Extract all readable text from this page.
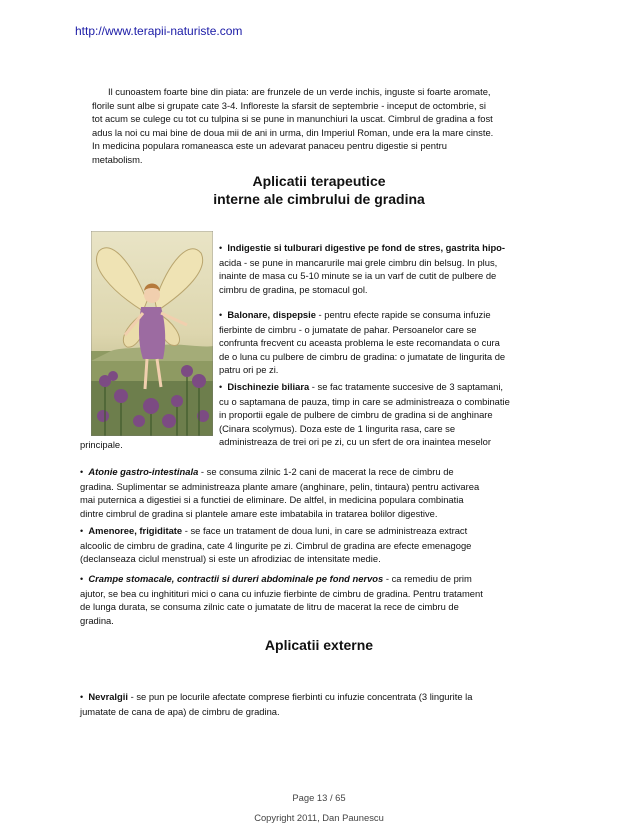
http://www.terapii-naturiste.com
Il cunoastem foarte bine din piata: are frunzele de un verde inchis, inguste si foarte aromate,
florile sunt albe si grupate cate 3-4. Infloreste la sfarsit de septembrie - inceput de octombrie, si
tot acum se culege cu tot cu tulpina si se pune in manunchiuri la uscat. Cimbrul de gradina a fost
adus la noi cu mai bine de doua mii de ani in urma, din Imperiul Roman, unde era la mare cinste.
In medicina populara romaneasca este un adevarat panaceu pentru digestie si pentru
metabolism.
Aplicatii terapeutice
interne ale cimbrului de gradina
• Indigestie si tulburari digestive pe fond de stres, gastrita hipo-
acida - se pune in mancarurile mai grele cimbru din belsug. In plus,
inainte de masa cu 5-10 minute se ia un varf de cutit de pulbere de
cimbru de gradina, pe stomacul gol.
• Balonare, dispepsie - pentru efecte rapide se consuma infuzie
fierbinte de cimbru - o jumatate de pahar. Persoanelor care se
confrunta frecvent cu aceasta problema le este recomandata o cura
de o luna cu pulbere de cimbru de gradina: o jumatate de lingurita de
patru ori pe zi.
• Dischinezie biliara - se fac tratamente succesive de 3 saptamani,
cu o saptamana de pauza, timp in care se administreaza o combinatie
in proportii egale de pulbere de cimbru de gradina si de anghinare
(Cinara scolymus). Doza este de 1 lingurita rasa, care se
administreaza de trei ori pe zi, cu un sfert de ora inaintea meselor
principale.
• Atonie gastro-intestinala - se consuma zilnic 1-2 cani de macerat la rece de cimbru de
gradina. Suplimentar se administreaza plante amare (anghinare, pelin, tintaura) pentru activarea
mai puternica a digestiei si a functiei de eliminare. De altfel, in medicina populara combinatia
dintre cimbrul de gradina si plantele amare este imbatabila in tratarea bolilor digestive.
• Amenoree, frigiditate - se face un tratament de doua luni, in care se administreaza extract
alcoolic de cimbru de gradina, cate 4 lingurite pe zi. Cimbrul de gradina are efecte emenagoge
(declanseaza ciclul menstrual) si este un afrodiziac de intensitate medie.
• Crampe stomacale, contractii si dureri abdominale pe fond nervos - ca remediu de prim
ajutor, se bea cu inghitituri mici o cana cu infuzie fierbinte de cimbru de gradina. Pentru tratament
de lunga durata, se consuma zilnic cate o jumatate de litru de macerat la rece de cimbru de
gradina.
Aplicatii externe
• Nevralgii - se pun pe locurile afectate comprese fierbinti cu infuzie concentrata (3 lingurite la
jumatate de cana de apa) de cimbru de gradina.
Page 13 / 65
Copyright 2011, Dan Paunescu
